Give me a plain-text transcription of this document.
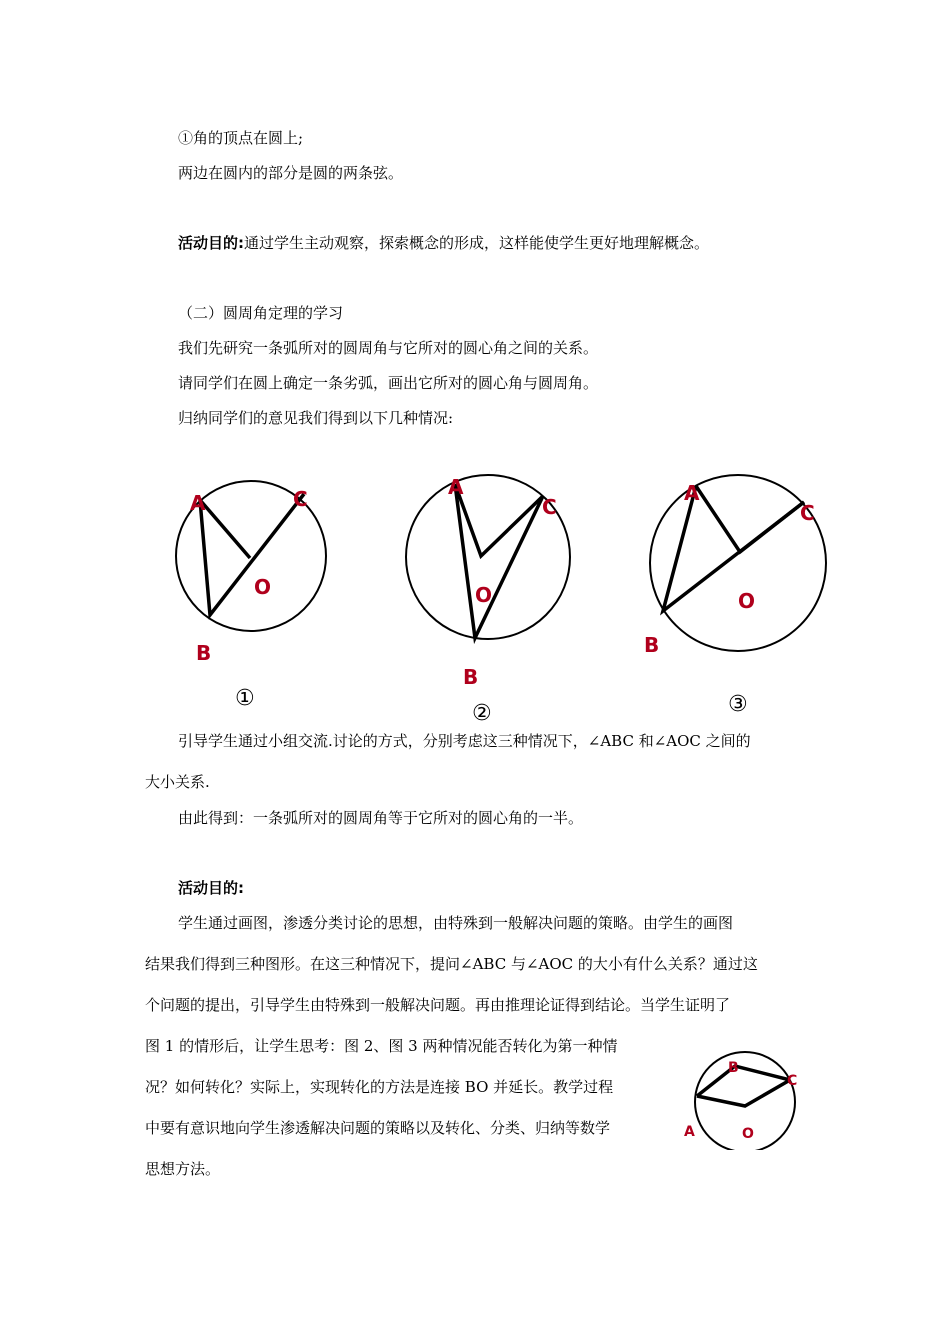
①角的顶点在圆上;
两边在圆内的部分是圆的两条弦。
活动目的:通过学生主动观察，探索概念的形成，这样能使学生更好地理解概念。
（二）圆周角定理的学习
我们先研究一条弧所对的圆周角与它所对的圆心角之间的关系。
请同学们在圆上确定一条劣弧，画出它所对的圆心角与圆周角。
归纳同学们的意见我们得到以下几种情况:
A	C
O
B
①
A
C
O
B
②
A
C
O
B
③
引导学生通过小组交流.讨论的方式，分别考虑这三种情况下，∠ABC 和∠AOC 之间的
大小关系.
由此得到：一条弧所对的圆周角等于它所对的圆心角的一半。
活动目的:
学生通过画图，渗透分类讨论的思想，由特殊到一般解决问题的策略。由学生的画图
结果我们得到三种图形。在这三种情况下，提问∠ABC 与∠AOC 的大小有什么关系？通过这
个问题的提出，引导学生由特殊到一般解决问题。再由推理论证得到结论。当学生证明了
图 1 的情形后，让学生思考：图 2、图 3 两种情况能否转化为第一种情
况？如何转化？实际上，实现转化的方法是连接 BO 并延长。教学过程
中要有意识地向学生渗透解决问题的策略以及转化、分类、归纳等数学
思想方法。
B
C
A	O
